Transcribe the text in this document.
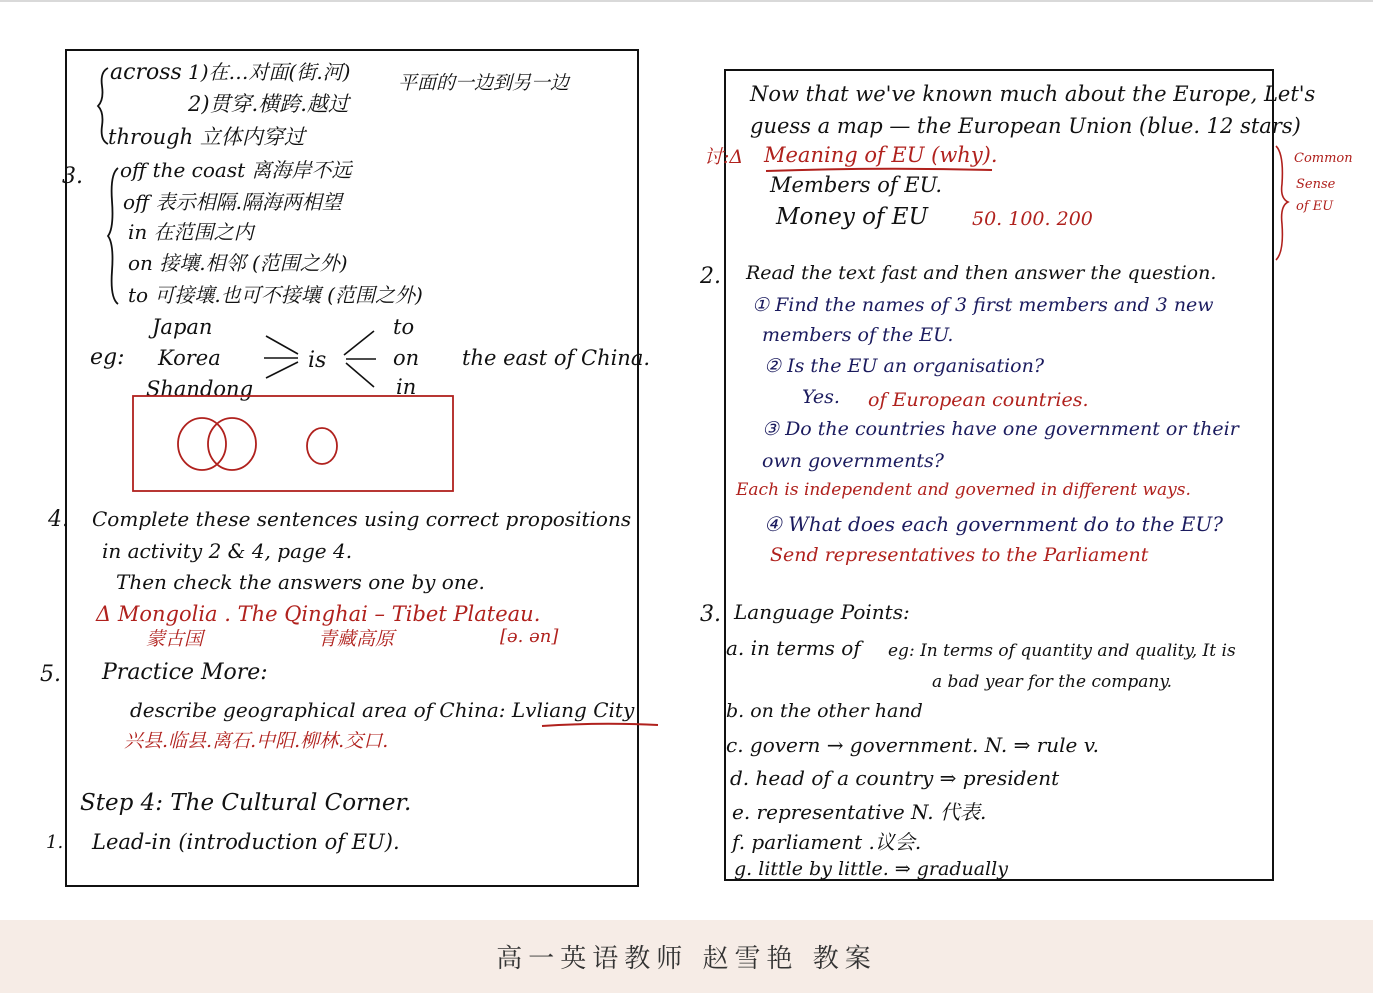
3.
4.
5.
1.
across 1)在…对面(街.河)
2)贯穿.横跨.越过
through 立体内穿过
平面的一边到另一边
off the coast 离海岸不远
off 表示相隔.隔海两相望
in 在范围之内
on 接壤.相邻 (范围之外)
to 可接壤.也可不接壤 (范围之外)
eg:
Japan
Korea
Shandong
is
to
on
in
the east of China.
Complete these sentences using correct propositions
in activity 2 & 4, page 4.
Then check the answers one by one.
Δ Mongolia . The Qinghai – Tibet Plateau.
蒙古国	青藏高原	[ə. ən]
Practice More:
describe geographical area of China: Lvliang City
兴县.临县.离石.中阳.柳林.交口.
Step 4: The Cultural Corner.
Lead-in (introduction of EU).
2.
3.
Now that we've known much about the Europe, Let's
guess a map — the European Union (blue. 12 stars)
讨:Δ Meaning of EU (why).
Members of EU.
Money of EU 50. 100. 200
Common
Sense
of EU
Read the text fast and then answer the question.
① Find the names of 3 first members and 3 new
members of the EU.
② Is the EU an organisation?
Yes. of European countries.
③ Do the countries have one government or their
own governments?
Each is independent and governed in different ways.
④ What does each government do to the EU?
Send representatives to the Parliament
Language Points:
a. in terms of eg: In terms of quantity and quality, It is
a bad year for the company.
b. on the other hand
c. govern → government. N. ⇒ rule v.
d. head of a country ⇒ president
e. representative N. 代表.
f. parliament .议会.
g. little by little. ⇒ gradually
高一英语教师 赵雪艳 教案
